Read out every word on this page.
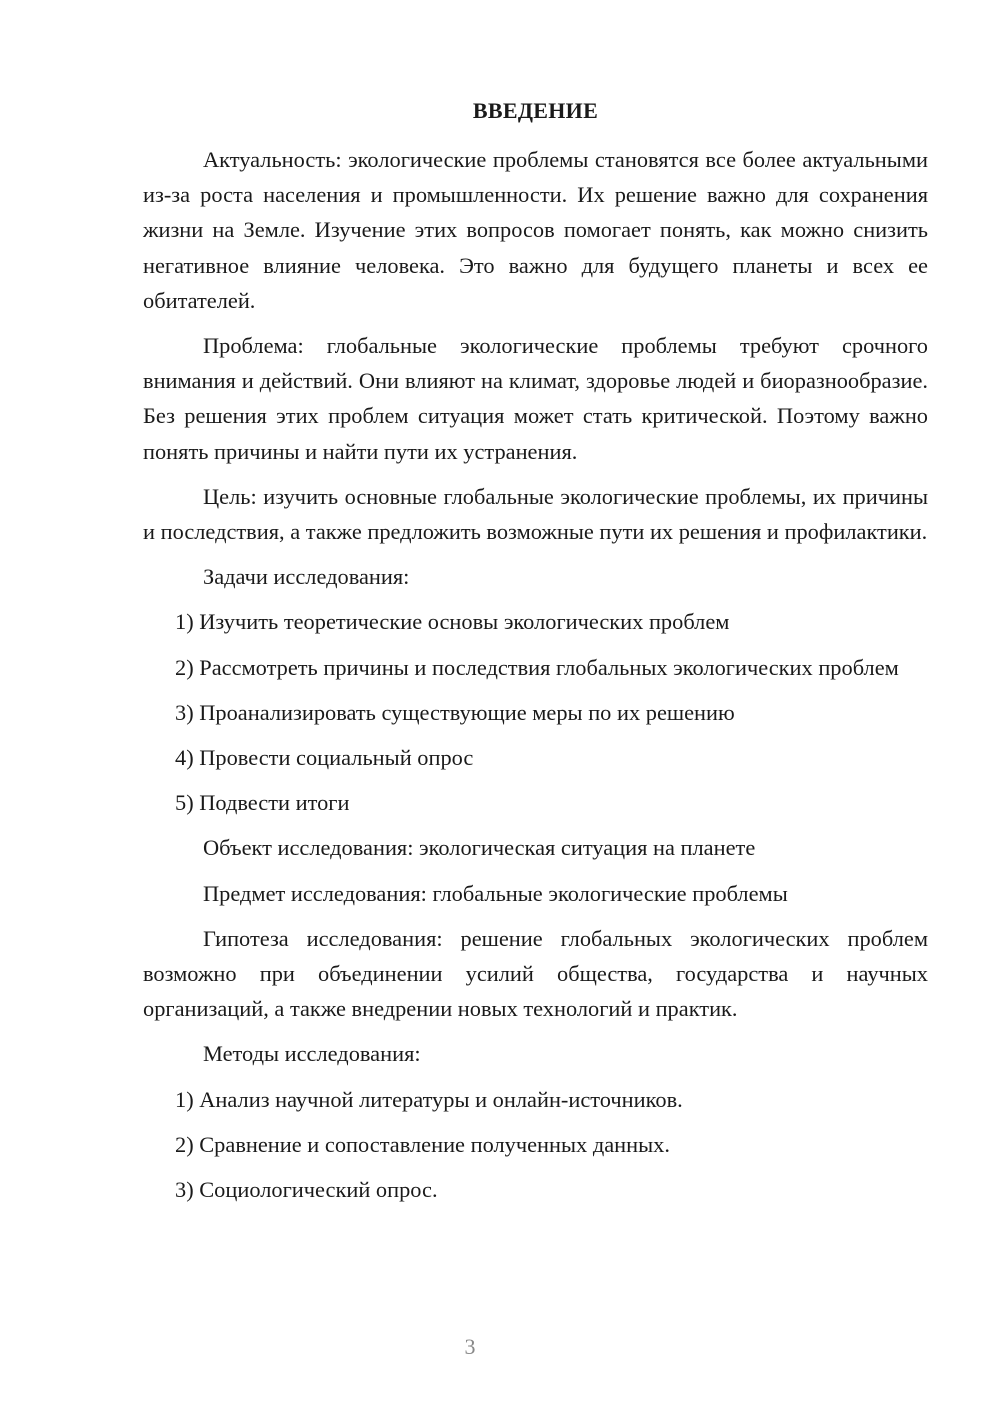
ВВЕДЕНИЕ

Актуальность: экологические проблемы становятся все более актуальными из-за роста населения и промышленности. Их решение важно для сохранения жизни на Земле. Изучение этих вопросов помогает понять, как можно снизить негативное влияние человека. Это важно для будущего планеты и всех ее обитателей.

Проблема: глобальные экологические проблемы требуют срочного внимания и действий. Они влияют на климат, здоровье людей и биоразнообразие. Без решения этих проблем ситуация может стать критической. Поэтому важно понять причины и найти пути их устранения.

Цель: изучить основные глобальные экологические проблемы, их причины и последствия, а также предложить возможные пути их решения и профилактики.

Задачи исследования:

1) Изучить теоретические основы экологических проблем

2) Рассмотреть причины и последствия глобальных экологических проблем

3) Проанализировать существующие меры по их решению

4) Провести социальный опрос

5) Подвести итоги

Объект исследования: экологическая ситуация на планете

Предмет исследования: глобальные экологические проблемы

Гипотеза исследования: решение глобальных экологических проблем возможно при объединении усилий общества, государства и научных организаций, а также внедрении новых технологий и практик.

Методы исследования:

1) Анализ научной литературы и онлайн-источников.

2) Сравнение и сопоставление полученных данных.

3) Социологический опрос.

3
